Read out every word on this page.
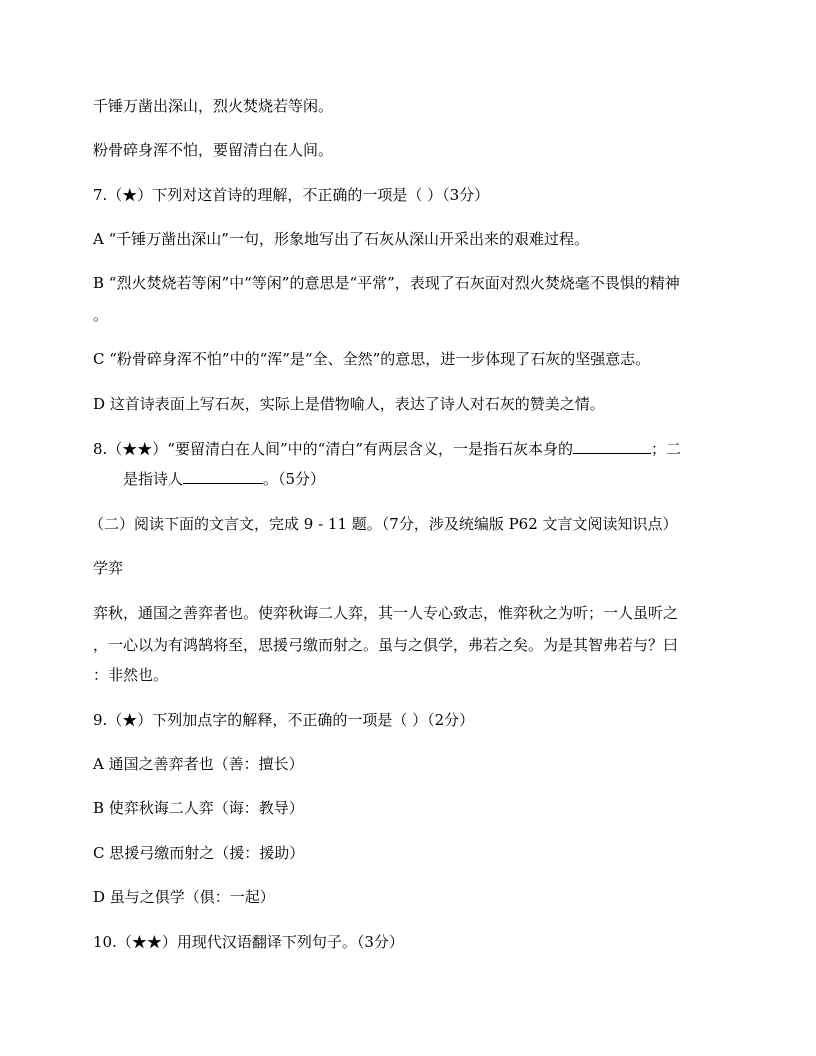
千锤万凿出深山，烈火焚烧若等闲。
粉骨碎身浑不怕，要留清白在人间。
7.（★）下列对这首诗的理解，不正确的一项是（ ）（3分）
A “千锤万凿出深山”一句，形象地写出了石灰从深山开采出来的艰难过程。
B “烈火焚烧若等闲”中“等闲”的意思是“平常”，表现了石灰面对烈火焚烧毫不畏惧的精神
。
C “粉骨碎身浑不怕”中的“浑”是“全、全然”的意思，进一步体现了石灰的坚强意志。
D 这首诗表面上写石灰，实际上是借物喻人，表达了诗人对石灰的赞美之情。
8.（★★）“要留清白在人间”中的“清白”有两层含义，一是指石灰本身的	；二
是指诗人	。（5分）
（二）阅读下面的文言文，完成 9 - 11 题。（7分，涉及统编版 P62 文言文阅读知识点）
学弈
弈秋，通国之善弈者也。使弈秋诲二人弈，其一人专心致志，惟弈秋之为听；一人虽听之
，一心以为有鸿鹄将至，思援弓缴而射之。虽与之俱学，弗若之矣。为是其智弗若与？曰
：非然也。
9.（★）下列加点字的解释，不正确的一项是（ ）（2分）
A 通国之善弈者也（善：擅长）
B 使弈秋诲二人弈（诲：教导）
C 思援弓缴而射之（援：援助）
D 虽与之俱学（俱：一起）
10.（★★）用现代汉语翻译下列句子。（3分）
